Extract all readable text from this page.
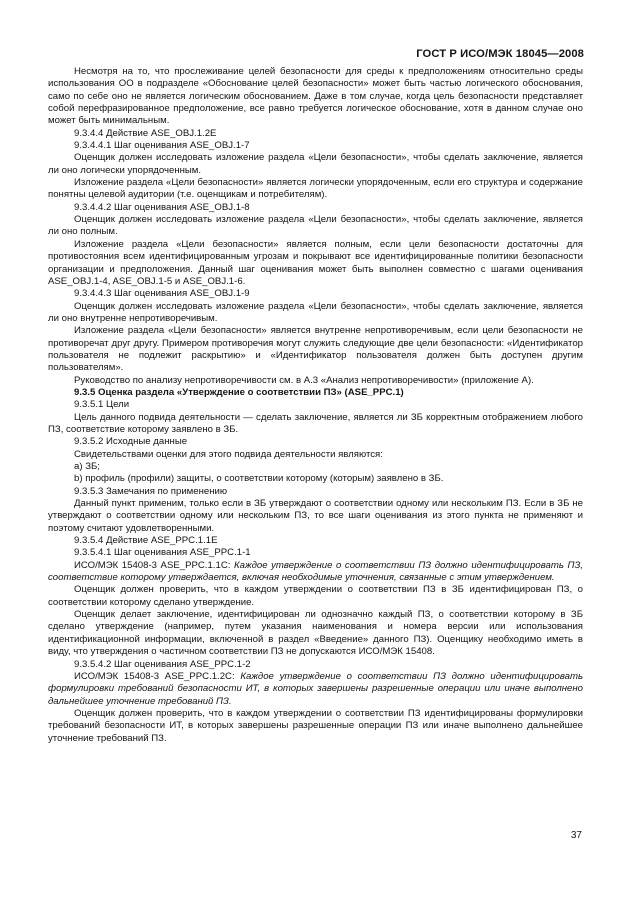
ГОСТ Р ИСО/МЭК 18045—2008

Несмотря на то, что прослеживание целей безопасности для среды к предположениям относительно среды использования ОО в подразделе «Обоснование целей безопасности» может быть частью логического обоснования, само по себе оно не является логическим обоснованием. Даже в том случае, когда цель безопасности представляет собой перефразированное предположение, все равно требуется логическое обоснование, хотя в данном случае оно может быть минимальным.

9.3.4.4 Действие ASE_OBJ.1.2E

9.3.4.4.1 Шаг оценивания ASE_OBJ.1-7

Оценщик должен исследовать изложение раздела «Цели безопасности», чтобы сделать заключение, является ли оно логически упорядоченным.

Изложение раздела «Цели безопасности» является логически упорядоченным, если его структура и содержание понятны целевой аудитории (т.е. оценщикам и потребителям).

9.3.4.4.2 Шаг оценивания ASE_OBJ.1-8

Оценщик должен исследовать изложение раздела «Цели безопасности», чтобы сделать заключение, является ли оно полным.

Изложение раздела «Цели безопасности» является полным, если цели безопасности достаточны для противостояния всем идентифицированным угрозам и покрывают все идентифицированные политики безопасности организации и предположения. Данный шаг оценивания может быть выполнен совместно с шагами оценивания ASE_OBJ.1-4, ASE_OBJ.1-5 и ASE_OBJ.1-6.

9.3.4.4.3 Шаг оценивания ASE_OBJ.1-9

Оценщик должен исследовать изложение раздела «Цели безопасности», чтобы сделать заключение, является ли оно внутренне непротиворечивым.

Изложение раздела «Цели безопасности» является внутренне непротиворечивым, если цели безопасности не противоречат друг другу. Примером противоречия могут служить следующие две цели безопасности: «Идентификатор пользователя не подлежит раскрытию» и «Идентификатор пользователя должен быть доступен другим пользователям».

Руководство по анализу непротиворечивости см. в А.3 «Анализ непротиворечивости» (приложение А).

9.3.5 Оценка раздела «Утверждение о соответствии ПЗ» (ASE_PPC.1)

9.3.5.1 Цели

Цель данного подвида деятельности — сделать заключение, является ли ЗБ корректным отображением любого ПЗ, соответствие которому заявлено в ЗБ.

9.3.5.2 Исходные данные

Свидетельствами оценки для этого подвида деятельности являются:

a) ЗБ;

b) профиль (профили) защиты, о соответствии которому (которым) заявлено в ЗБ.

9.3.5.3 Замечания по применению

Данный пункт применим, только если в ЗБ утверждают о соответствии одному или нескольким ПЗ. Если в ЗБ не утверждают о соответствии одному или нескольким ПЗ, то все шаги оценивания из этого пункта не применяют и поэтому считают удовлетворенными.

9.3.5.4 Действие ASE_PPC.1.1E

9.3.5.4.1 Шаг оценивания ASE_PPC.1-1

ИСО/МЭК 15408-3 ASE_PPC.1.1С: Каждое утверждение о соответствии ПЗ должно идентифицировать ПЗ, соответствие которому утверждается, включая необходимые уточнения, связанные с этим утверждением.

Оценщик должен проверить, что в каждом утверждении о соответствии ПЗ в ЗБ идентифицирован ПЗ, о соответствии которому сделано утверждение.

Оценщик делает заключение, идентифицирован ли однозначно каждый ПЗ, о соответствии которому в ЗБ сделано утверждение (например, путем указания наименования и номера версии или использования идентификационной информации, включенной в раздел «Введение» данного ПЗ). Оценщику необходимо иметь в виду, что утверждения о частичном соответствии ПЗ не допускаются ИСО/МЭК 15408.

9.3.5.4.2 Шаг оценивания ASE_PPC.1-2

ИСО/МЭК 15408-3 ASE_PPC.1.2С: Каждое утверждение о соответствии ПЗ должно идентифицировать формулировки требований безопасности ИТ, в которых завершены разрешенные операции или иначе выполнено дальнейшее уточнение требований ПЗ.

Оценщик должен проверить, что в каждом утверждении о соответствии ПЗ идентифицированы формулировки требований безопасности ИТ, в которых завершены разрешенные операции ПЗ или иначе выполнено дальнейшее уточнение требований ПЗ.

37
